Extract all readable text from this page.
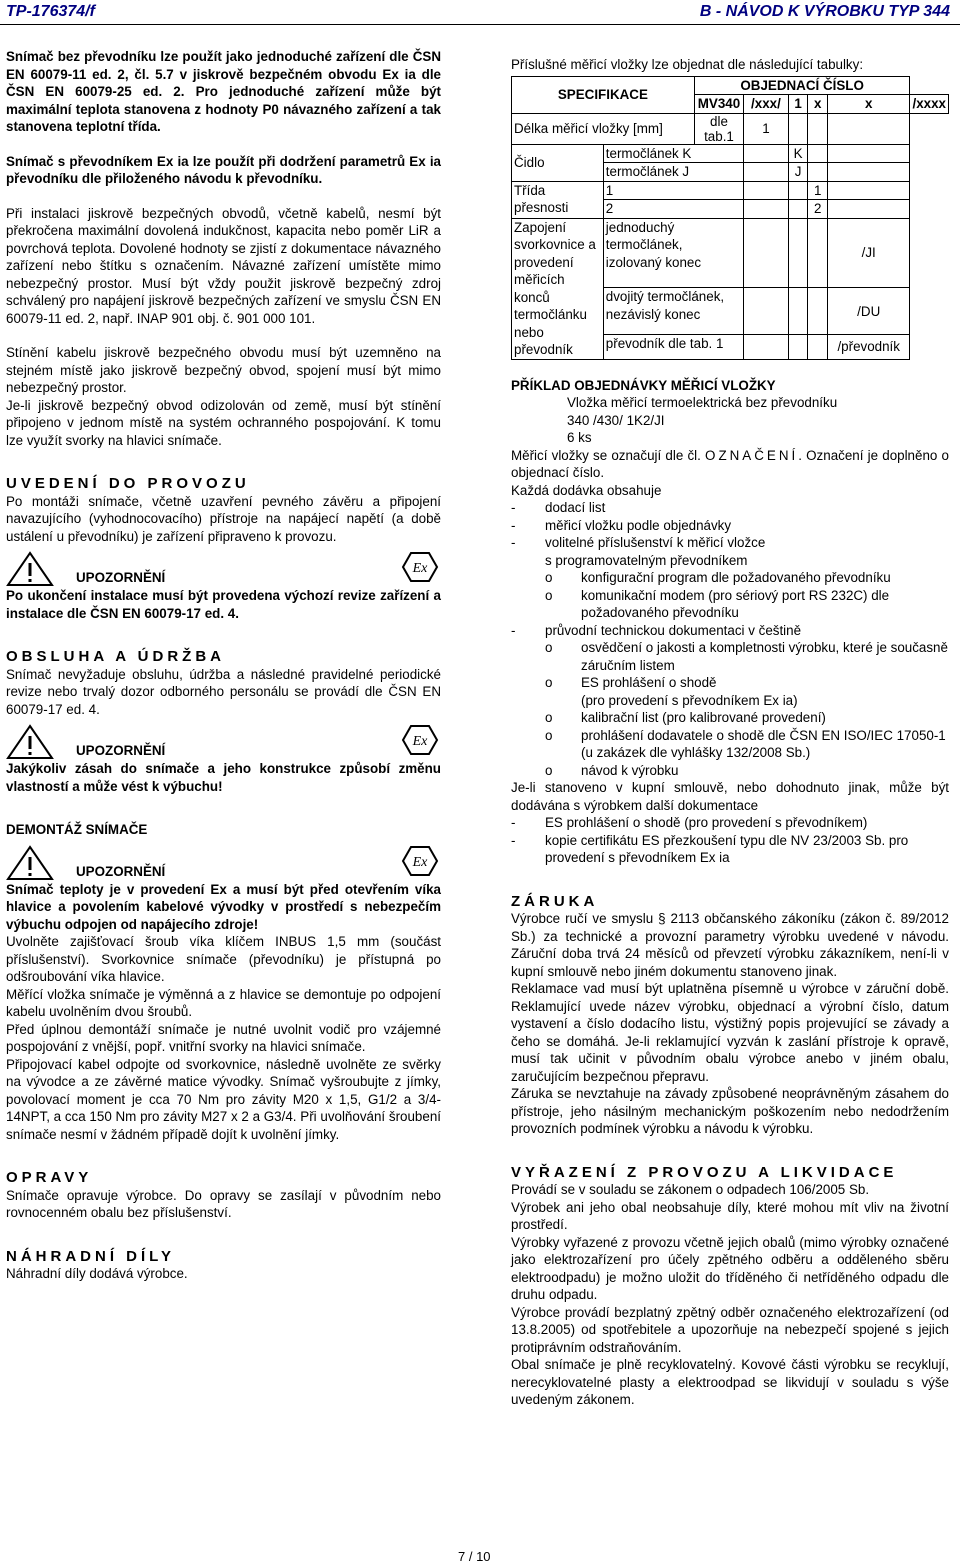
TP-176374/f	B - NÁVOD K VÝROBKU TYP 344

Snímač bez převodníku lze použít jako jednoduché zařízení dle ČSN EN 60079-11 ed. 2, čl. 5.7 v jiskrově bezpečném obvodu Ex ia dle ČSN EN 60079-25 ed. 2. Pro jednoduché zařízení může být maximální teplota stanovena z hodnoty P0 návazného zařízení a tak stanovena teplotní třída.

Snímač s převodníkem Ex ia lze použít při dodržení parametrů Ex ia převodníku dle přiloženého návodu k převodníku.

Při instalaci jiskrově bezpečných obvodů, včetně kabelů, nesmí být překročena maximální dovolená indukčnost, kapacita nebo poměr LiR a povrchová teplota. Dovolené hodnoty se zjistí z dokumentace návazného zařízení nebo štítku s označením. Návazné zařízení umístěte mimo nebezpečný prostor. Musí být vždy použit jiskrově bezpečný zdroj schválený pro napájení jiskrově bezpečných zařízení ve smyslu ČSN EN 60079-11 ed. 2, např. INAP 901 obj. č. 901 000 101.

Stínění kabelu jiskrově bezpečného obvodu musí být uzemněno na stejném místě jako jiskrově bezpečný obvod, spojení musí být mimo nebezpečný prostor.

Je-li jiskrově bezpečný obvod odizolován od země, musí být stínění připojeno v jednom místě na systém ochranného pospojování. K tomu lze využít svorky na hlavici snímače.

UVEDENÍ DO PROVOZU

Po montáži snímače, včetně uzavření pevného závěru a připojení navazujícího (vyhodnocovacího) přístroje na napájecí napětí (a době ustálení u převodníku) je zařízení připraveno k provozu.

UPOZORNĚNÍ
Ex

Po ukončení instalace musí být provedena výchozí revize zařízení a instalace dle ČSN EN 60079-17 ed. 4.

OBSLUHA A ÚDRŽBA

Snímač nevyžaduje obsluhu, údržba a následné pravidelné periodické revize nebo trvalý dozor odborného personálu se provádí dle ČSN EN 60079-17 ed. 4.

UPOZORNĚNÍ
Ex

Jakýkoliv zásah do snímače a jeho konstrukce způsobí změnu vlastností a může vést k výbuchu!

DEMONTÁŽ SNÍMAČE

UPOZORNĚNÍ
Ex

Snímač teploty je v provedení Ex a musí být před otevřením víka hlavice a povolením kabelové vývodky v prostředí s nebezpečím výbuchu odpojen od napájecího zdroje!

Uvolněte zajišťovací šroub víka klíčem INBUS 1,5 mm (součást příslušenství). Svorkovnice snímače (převodníku) je přístupná po odšroubování víka hlavice.

Měřící vložka snímače je výměnná a z hlavice se demontuje po odpojení kabelu uvolněním dvou šroubů.

Před úplnou demontáží snímače je nutné uvolnit vodič pro vzájemné pospojování z vnější, popř. vnitřní svorky na hlavici snímače.

Připojovací kabel odpojte od svorkovnice, následně uvolněte ze svěrky na vývodce a ze závěrné matice vývodky. Snímač vyšroubujte z jímky, povolovací moment je cca 70 Nm pro závity M20 x 1,5, G1/2 a 3/4-14NPT, a cca 150 Nm pro závity M27 x 2 a G3/4. Při uvolňování šroubení snímače nesmí v žádném případě dojít k uvolnění jímky.

OPRAVY

Snímače opravuje výrobce. Do opravy se zasílají v původním nebo rovnocenném obalu bez příslušenství.

NÁHRADNÍ DÍLY

Náhradní díly dodává výrobce.

Příslušné měřicí vložky lze objednat dle následující tabulky:

SPECIFIKACE		OBJEDNACÍ ČÍSLO					
		MV340	/xxx/	1	x	x	/xxxx
Délka měřicí vložky [mm]		dle tab.1	1				
Čidlo	termočlánek K			K			
	termočlánek J			J			
Třída přesnosti	1				1		
	2				2		
Zapojení svorkovnice a provedení měřicích konců termočlánku nebo převodník	jednoduchý termočlánek, izolovaný konec					/JI	
	dvojitý termočlánek, nezávislý konec					/DU	
	převodník dle tab. 1					/převodník	

PŘÍKLAD OBJEDNÁVKY MĚŘICÍ VLOŽKY

Vložka měřicí termoelektrická bez převodníku

340 /430/ 1K2/JI

6 ks

Měřicí vložky se označují dle čl. OZNAČENÍ. Označení je doplněno o objednací číslo.

Každá dodávka obsahuje

- dodací list
- měřicí vložku podle objednávky
- volitelné příslušenství k měřicí vložce

s programovatelným převodníkem

o konfigurační program dle požadovaného převodníku
o komunikační modem (pro sériový port RS 232C) dle požadovaného převodníku
- průvodní technickou dokumentaci v češtině
o osvědčení o jakosti a kompletnosti výrobku, které je současně záručním listem
o ES prohlášení o shodě

(pro provedení s převodníkem Ex ia)

o kalibrační list (pro kalibrované provedení)
o prohlášení dodavatele o shodě dle ČSN EN ISO/IEC 17050-1 (u zakázek dle vyhlášky 132/2008 Sb.)
o návod k výrobku

Je-li stanoveno v kupní smlouvě, nebo dohodnuto jinak, může být dodávána s výrobkem další dokumentace

- ES prohlášení o shodě (pro provedení s převodníkem)
- kopie certifikátu ES přezkoušení typu dle NV 23/2003 Sb. pro provedení s převodníkem Ex ia

ZÁRUKA

Výrobce ručí ve smyslu § 2113 občanského zákoníku (zákon č. 89/2012 Sb.) za technické a provozní parametry výrobku uvedené v návodu. Záruční doba trvá 24 měsíců od převzetí výrobku zákazníkem, není-li v kupní smlouvě nebo jiném dokumentu stanoveno jinak.

Reklamace vad musí být uplatněna písemně u výrobce v záruční době. Reklamující uvede název výrobku, objednací a výrobní číslo, datum vystavení a číslo dodacího listu, výstižný popis projevující se závady a čeho se domáhá. Je-li reklamující vyzván k zaslání přístroje k opravě, musí tak učinit v původním obalu výrobce anebo v jiném obalu, zaručujícím bezpečnou přepravu.

Záruka se nevztahuje na závady způsobené neoprávněným zásahem do přístroje, jeho násilným mechanickým poškozením nebo nedodržením provozních podmínek výrobku a návodu k výrobku.

VYŘAZENÍ Z PROVOZU A LIKVIDACE

Provádí se v souladu se zákonem o odpadech 106/2005 Sb.

Výrobek ani jeho obal neobsahuje díly, které mohou mít vliv na životní prostředí.

Výrobky vyřazené z provozu včetně jejich obalů (mimo výrobky označené jako elektrozařízení pro účely zpětného odběru a odděleného sběru elektroodpadu) je možno uložit do tříděného či netříděného odpadu dle druhu odpadu.

Výrobce provádí bezplatný zpětný odběr označeného elektrozařízení (od 13.8.2005) od spotřebitele a upozorňuje na nebezpečí spojené s jejich protiprávním odstraňováním.

Obal snímače je plně recyklovatelný. Kovové části výrobku se recyklují, nerecyklovatelné plasty a elektroodpad se likvidují v souladu s výše uvedeným zákonem.

7 / 10
